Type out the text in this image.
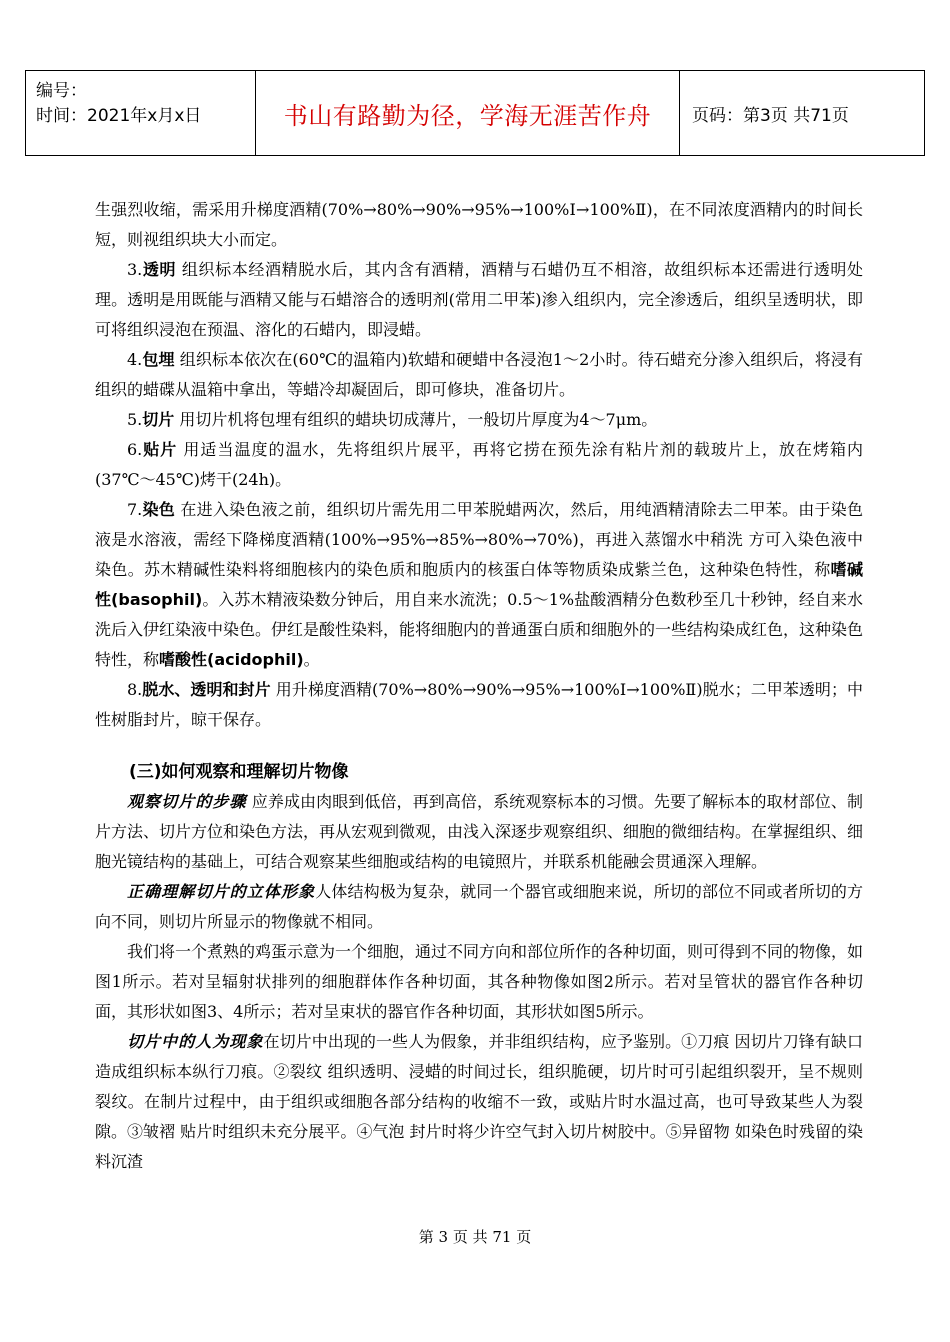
编号：
时间：2021年x月x日	书山有路勤为径，学海无涯苦作舟	页码：第3页 共71页

生强烈收缩，需采用升梯度酒精(70%→80%→90%→95%→100%Ⅰ→100%Ⅱ)，在不同浓度酒精内的时间长短，则视组织块大小而定。

3.透明 组织标本经酒精脱水后，其内含有酒精，酒精与石蜡仍互不相溶，故组织标本还需进行透明处理。透明是用既能与酒精又能与石蜡溶合的透明剂(常用二甲苯)渗入组织内，完全渗透后，组织呈透明状，即可将组织浸泡在预温、溶化的石蜡内，即浸蜡。

4.包埋 组织标本依次在(60℃的温箱内)软蜡和硬蜡中各浸泡1～2小时。待石蜡充分渗入组织后，将浸有组织的蜡碟从温箱中拿出，等蜡冷却凝固后，即可修块，准备切片。

5.切片 用切片机将包埋有组织的蜡块切成薄片，一般切片厚度为4～7μm。

6.贴片 用适当温度的温水，先将组织片展平，再将它捞在预先涂有粘片剂的载玻片上，放在烤箱内(37℃～45℃)烤干(24h)。

7.染色 在进入染色液之前，组织切片需先用二甲苯脱蜡两次，然后，用纯酒精清除去二甲苯。由于染色液是水溶液，需经下降梯度酒精(100%→95%→85%→80%→70%)，再进入蒸馏水中稍洗 方可入染色液中染色。苏木精碱性染料将细胞核内的染色质和胞质内的核蛋白体等物质染成紫兰色，这种染色特性，称嗜碱性(basophil)。入苏木精液染数分钟后，用自来水流洗；0.5～1%盐酸酒精分色数秒至几十秒钟，经自来水洗后入伊红染液中染色。伊红是酸性染料，能将细胞内的普通蛋白质和细胞外的一些结构染成红色，这种染色特性，称嗜酸性(acidophil)。

8.脱水、透明和封片 用升梯度酒精(70%→80%→90%→95%→100%Ⅰ→100%Ⅱ)脱水；二甲苯透明；中性树脂封片，晾干保存。

(三)如何观察和理解切片物像

观察切片的步骤 应养成由肉眼到低倍，再到高倍，系统观察标本的习惯。先要了解标本的取材部位、制片方法、切片方位和染色方法，再从宏观到微观，由浅入深逐步观察组织、细胞的微细结构。在掌握组织、细胞光镜结构的基础上，可结合观察某些细胞或结构的电镜照片，并联系机能融会贯通深入理解。

正确理解切片的立体形象人体结构极为复杂，就同一个器官或细胞来说，所切的部位不同或者所切的方向不同，则切片所显示的物像就不相同。

我们将一个煮熟的鸡蛋示意为一个细胞，通过不同方向和部位所作的各种切面，则可得到不同的物像，如图1所示。若对呈辐射状排列的细胞群体作各种切面，其各种物像如图2所示。若对呈管状的器官作各种切面，其形状如图3、4所示；若对呈束状的器官作各种切面，其形状如图5所示。

切片中的人为现象在切片中出现的一些人为假象，并非组织结构，应予鉴别。①刀痕 因切片刀锋有缺口造成组织标本纵行刀痕。②裂纹 组织透明、浸蜡的时间过长，组织脆硬，切片时可引起组织裂开，呈不规则裂纹。在制片过程中，由于组织或细胞各部分结构的收缩不一致，或贴片时水温过高，也可导致某些人为裂隙。③皱褶 贴片时组织未充分展平。④气泡 封片时将少许空气封入切片树胶中。⑤异留物 如染色时残留的染料沉渣

第 3 页 共 71 页
